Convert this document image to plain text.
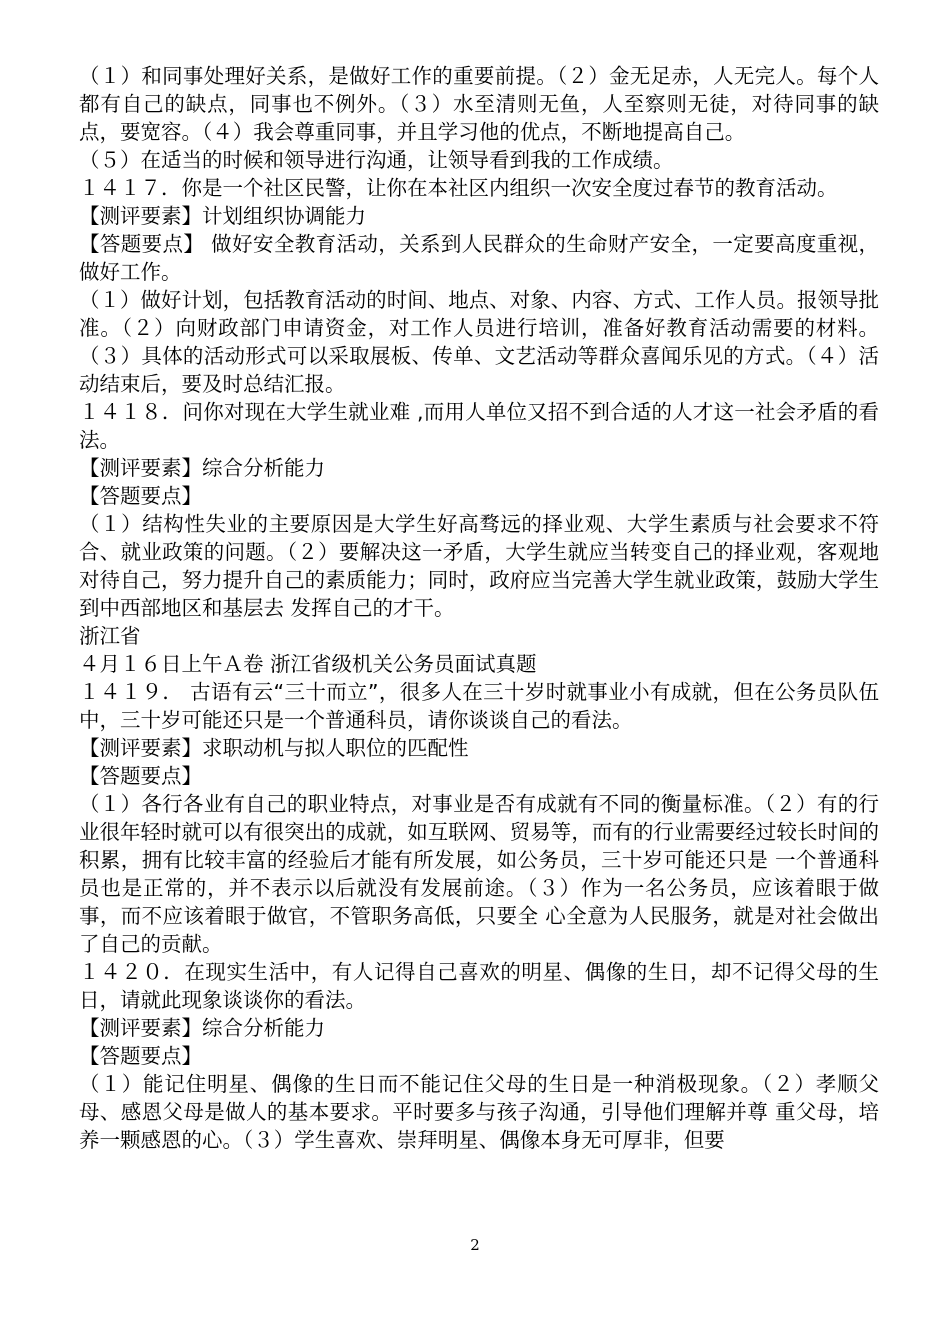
（１）和同事处理好关系，是做好工作的重要前提。（２）金无足赤，人无完人。每个人都有自己的缺点，同事也不例外。（３）水至清则无鱼，人至察则无徒，对待同事的缺点，要宽容。（４）我会尊重同事，并且学习他的优点，不断地提高自己。

（５）在适当的时候和领导进行沟通，让领导看到我的工作成绩。

１４１７．你是一个社区民警，让你在本社区内组织一次安全度过春节的教育活动。

【测评要素】计划组织协调能力

【答题要点】 做好安全教育活动，关系到人民群众的生命财产安全，一定要高度重视，做好工作。

（１）做好计划，包括教育活动的时间、地点、对象、内容、方式、工作人员。报领导批准。（２）向财政部门申请资金，对工作人员进行培训，准备好教育活动需要的材料。（３）具体的活动形式可以采取展板、传单、文艺活动等群众喜闻乐见的方式。（４）活动结束后，要及时总结汇报。

１４１８．问你对现在大学生就业难 ,而用人单位又招不到合适的人才这一社会矛盾的看法。

【测评要素】综合分析能力

【答题要点】

（１）结构性失业的主要原因是大学生好高骛远的择业观、大学生素质与社会要求不符合、就业政策的问题。（２）要解决这一矛盾，大学生就应当转变自己的择业观，客观地对待自己，努力提升自己的素质能力；同时，政府应当完善大学生就业政策，鼓励大学生到中西部地区和基层去 发挥自己的才干。

浙江省

４月１６日上午Ａ卷 浙江省级机关公务员面试真题

１４１９． 古语有云“三十而立”，很多人在三十岁时就事业小有成就，但在公务员队伍 中，三十岁可能还只是一个普通科员，请你谈谈自己的看法。

【测评要素】求职动机与拟人职位的匹配性

【答题要点】

（１）各行各业有自己的职业特点，对事业是否有成就有不同的衡量标准。（２）有的行业很年轻时就可以有很突出的成就，如互联网、贸易等，而有的行业需要经过较长时间的积累，拥有比较丰富的经验后才能有所发展，如公务员，三十岁可能还只是 一个普通科员也是正常的，并不表示以后就没有发展前途。（３）作为一名公务员，应该着眼于做事，而不应该着眼于做官，不管职务高低，只要全 心全意为人民服务，就是对社会做出了自己的贡献。

１４２０．在现实生活中，有人记得自己喜欢的明星、偶像的生日，却不记得父母的生 日，请就此现象谈谈你的看法。

【测评要素】综合分析能力

【答题要点】

（１）能记住明星、偶像的生日而不能记住父母的生日是一种消极现象。（２）孝顺父母、感恩父母是做人的基本要求。平时要多与孩子沟通，引导他们理解并尊 重父母，培养一颗感恩的心。（３）学生喜欢、崇拜明星、偶像本身无可厚非，但要

2
